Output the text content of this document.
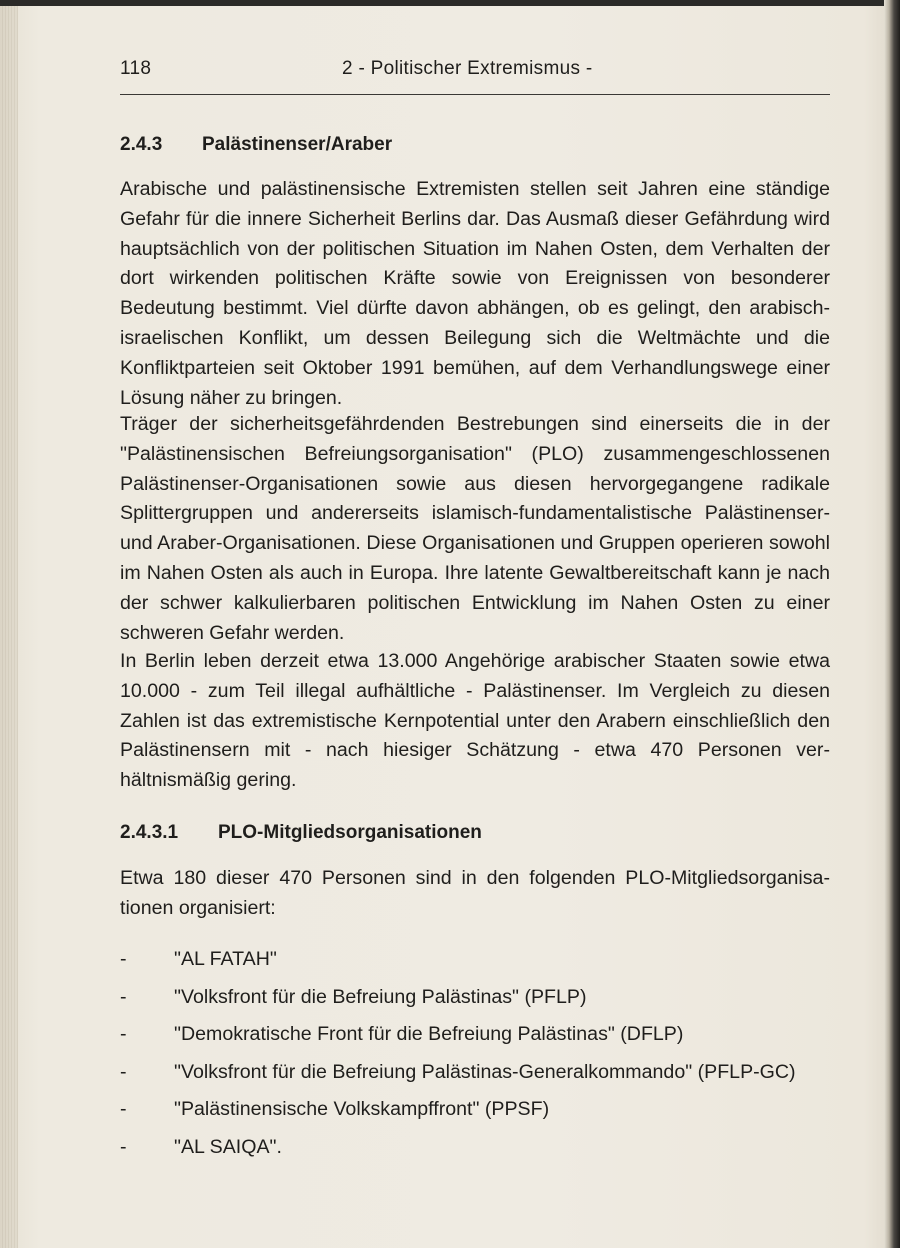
118	2 - Politischer Extremismus -
2.4.3 Palästinenser/Araber

Arabische und palästinensische Extremisten stellen seit Jahren eine ständige Gefahr für die innere Sicherheit Berlins dar. Das Ausmaß dieser Gefährdung wird hauptsächlich von der politischen Situation im Nahen Osten, dem Verhalten der dort wirkenden politischen Kräfte sowie von Ereignissen von besonderer Bedeutung bestimmt. Viel dürfte davon abhängen, ob es gelingt, den arabisch-israelischen Konflikt, um dessen Beilegung sich die Weltmächte und die Konfliktparteien seit Oktober 1991 bemühen, auf dem Verhandlungswege einer Lösung näher zu bringen.

Träger der sicherheitsgefährdenden Bestrebungen sind einerseits die in der "Palästinensischen Befreiungsorganisation" (PLO) zusammengeschlossenen Palästinenser-Organisationen sowie aus diesen hervorgegangene radikale Splittergruppen und andererseits islamisch-fundamentalistische Palästinenser- und Araber-Organisationen. Diese Organisationen und Gruppen operieren sowohl im Nahen Osten als auch in Europa. Ihre latente Gewaltbereitschaft kann je nach der schwer kalkulierbaren politischen Entwicklung im Nahen Osten zu einer schweren Gefahr werden.

In Berlin leben derzeit etwa 13.000 Angehörige arabischer Staaten sowie etwa 10.000 - zum Teil illegal aufhältliche - Palästinenser. Im Vergleich zu diesen Zahlen ist das extremistische Kernpotential unter den Arabern einschließlich den Palästinensern mit - nach hiesiger Schätzung - etwa 470 Personen verhältnismäßig gering.

2.4.3.1 PLO-Mitgliedsorganisationen

Etwa 180 dieser 470 Personen sind in den folgenden PLO-Mitgliedsorganisationen organisiert:

- "AL FATAH"
- "Volksfront für die Befreiung Palästinas" (PFLP)
- "Demokratische Front für die Befreiung Palästinas" (DFLP)
- "Volksfront für die Befreiung Palästinas-Generalkommando" (PFLP-GC)
- "Palästinensische Volkskampffront" (PPSF)
- "AL SAIQA".
